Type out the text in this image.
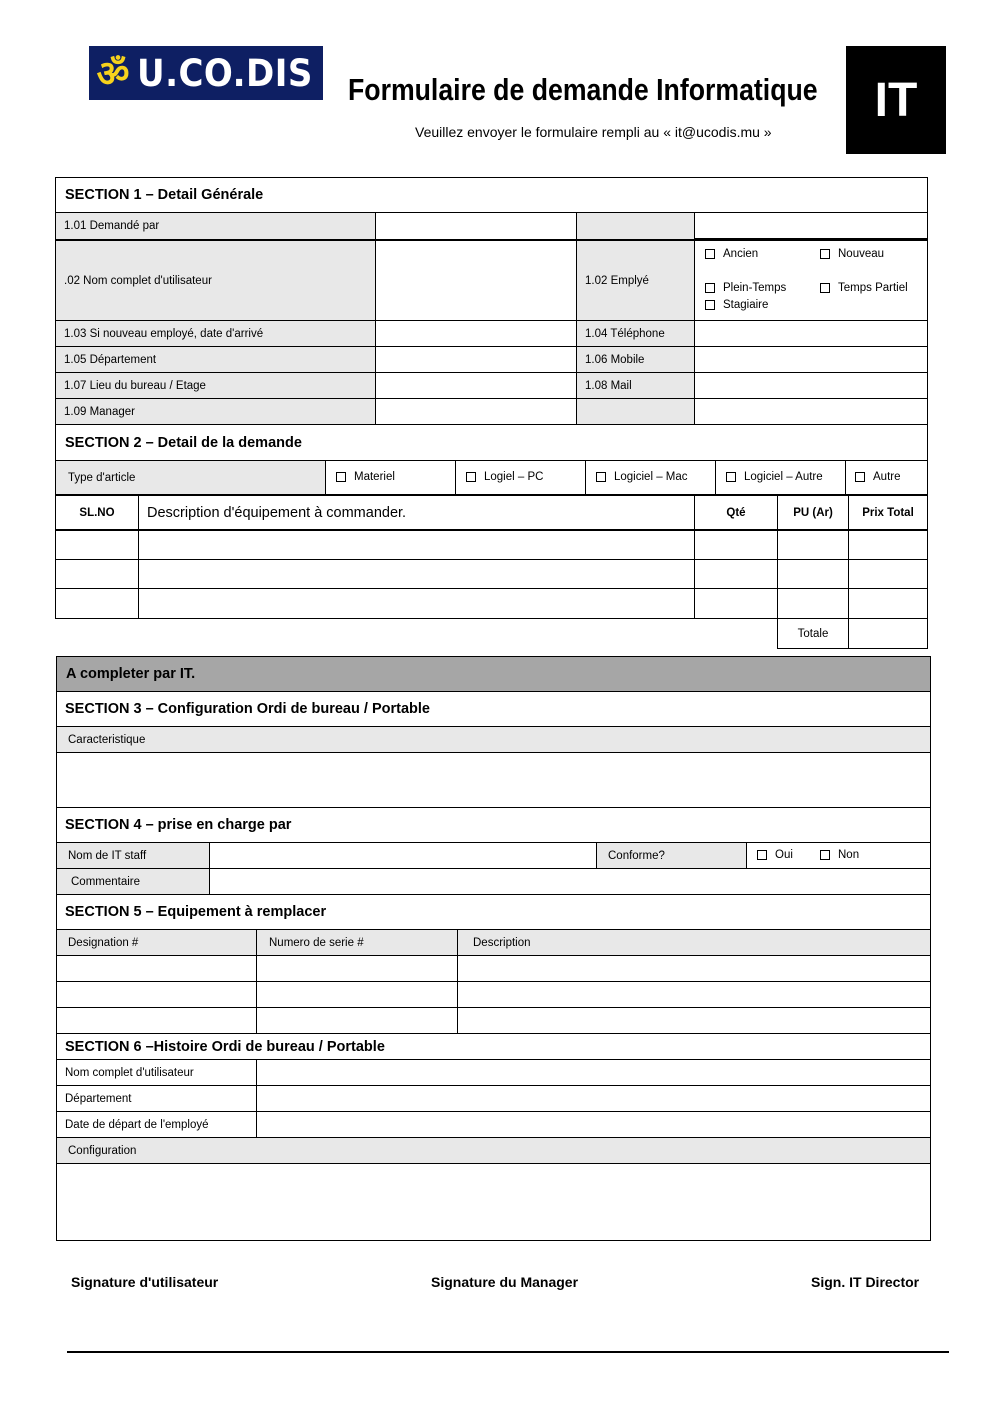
ॐ U.CO.DIS Formulaire de demande Informatique
Veuillez envoyer le formulaire rempli au « it@ucodis.mu »
IT
SECTION 1 – Detail Générale
1.01 Demandé par
.02 Nom complet d'utilisateur	1.02 Emplyé
Ancien	Nouveau
Plein-Temps	Temps Partiel
Stagiaire
1.03 Si nouveau employé, date d'arrivé	1.04 Téléphone
1.05 Département	1.06 Mobile
1.07 Lieu du bureau / Etage	1.08 Mail
1.09 Manager
SECTION 2 – Detail de la demande
Type d'article	Materiel	Logiel – PC	Logiciel – Mac	Logiciel – Autre	Autre
SL.NO	Description d'équipement à commander.	Qté	PU (Ar)	Prix Total
Totale
A completer par IT.
SECTION 3 – Configuration Ordi de bureau / Portable
Caracteristique
SECTION 4 – prise en charge par
Nom de IT staff	Conforme?	Oui	Non
Commentaire
SECTION 5 – Equipement à remplacer
Designation #	Numero de serie #	Description
SECTION 6 –Histoire Ordi de bureau / Portable
Nom complet d'utilisateur
Département
Date de départ de l'employé
Configuration
Signature d'utilisateur	Signature du Manager	Sign. IT Director
